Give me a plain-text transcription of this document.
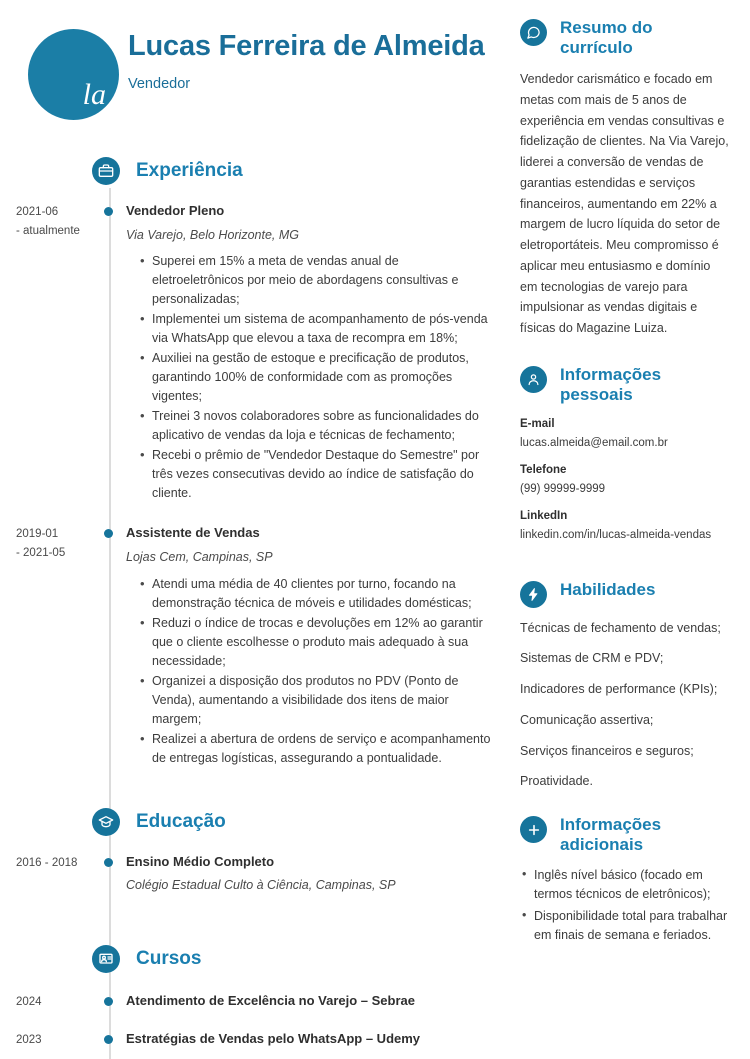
la
Lucas Ferreira de Almeida
Vendedor
Experiência
2021-06
- atualmente
Vendedor Pleno
Via Varejo, Belo Horizonte, MG
• Superei em 15% a meta de vendas anual de eletroeletrônicos por meio de abordagens consultivas e personalizadas;
• Implementei um sistema de acompanhamento de pós-venda via WhatsApp que elevou a taxa de recompra em 18%;
• Auxiliei na gestão de estoque e precificação de produtos, garantindo 100% de conformidade com as promoções vigentes;
• Treinei 3 novos colaboradores sobre as funcionalidades do aplicativo de vendas da loja e técnicas de fechamento;
• Recebi o prêmio de "Vendedor Destaque do Semestre" por três vezes consecutivas devido ao índice de satisfação do cliente.
2019-01
- 2021-05
Assistente de Vendas
Lojas Cem, Campinas, SP
• Atendi uma média de 40 clientes por turno, focando na demonstração técnica de móveis e utilidades domésticas;
• Reduzi o índice de trocas e devoluções em 12% ao garantir que o cliente escolhesse o produto mais adequado à sua necessidade;
• Organizei a disposição dos produtos no PDV (Ponto de Venda), aumentando a visibilidade dos itens de maior margem;
• Realizei a abertura de ordens de serviço e acompanhamento de entregas logísticas, assegurando a pontualidade.
Educação
2016 - 2018	Ensino Médio Completo
Colégio Estadual Culto à Ciência, Campinas, SP
Cursos
2024	Atendimento de Excelência no Varejo – Sebrae
2023	Estratégias de Vendas pelo WhatsApp – Udemy
Resumo do currículo
Vendedor carismático e focado em metas com mais de 5 anos de experiência em vendas consultivas e fidelização de clientes. Na Via Varejo, liderei a conversão de vendas de garantias estendidas e serviços financeiros, aumentando em 22% a margem de lucro líquida do setor de eletroportáteis. Meu compromisso é aplicar meu entusiasmo e domínio em tecnologias de varejo para impulsionar as vendas digitais e físicas do Magazine Luiza.
Informações pessoais
E-mail
lucas.almeida@email.com.br
Telefone
(99) 99999-9999
LinkedIn
linkedin.com/in/lucas-almeida-vendas
Habilidades
Técnicas de fechamento de vendas;
Sistemas de CRM e PDV;
Indicadores de performance (KPIs);
Comunicação assertiva;
Serviços financeiros e seguros;
Proatividade.
Informações adicionais
• Inglês nível básico (focado em termos técnicos de eletrônicos);
• Disponibilidade total para trabalhar em finais de semana e feriados.
